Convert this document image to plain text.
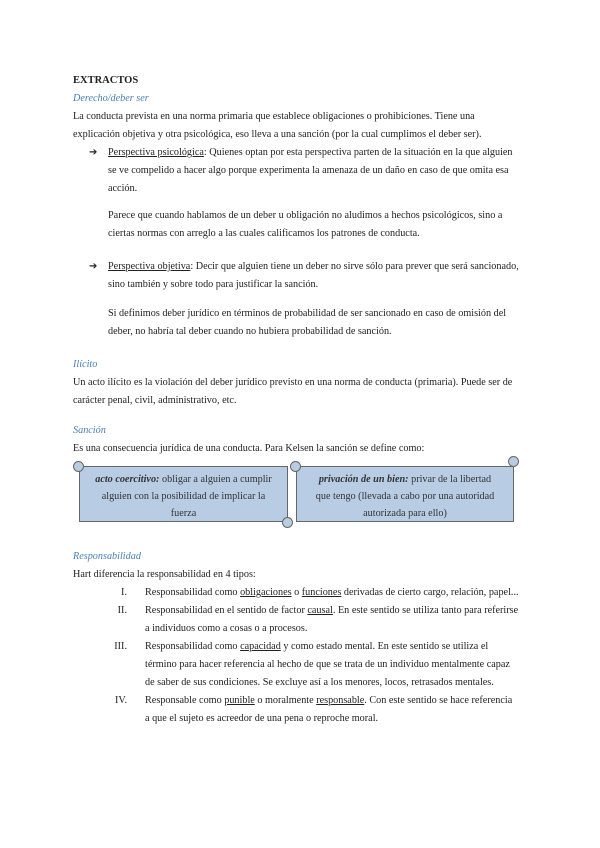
EXTRACTOS
Derecho/deber ser
La conducta prevista en una norma primaria que establece obligaciones o prohibiciones. Tiene una
explicación objetiva y otra psicológica, eso lleva a una sanción (por la cual cumplimos el deber ser).
➔ Perspectiva psicológica: Quienes optan por esta perspectiva parten de la situación en la que alguien
se ve compelido a hacer algo porque experimenta la amenaza de un daño en caso de que omita esa
acción.
Parece que cuando hablamos de un deber u obligación no aludimos a hechos psicológicos, sino a
ciertas normas con arreglo a las cuales calificamos los patrones de conducta.
➔ Perspectiva objetiva: Decir que alguien tiene un deber no sirve sólo para prever que será sancionado,
sino también y sobre todo para justificar la sanción.
Si definimos deber jurídico en términos de probabilidad de ser sancionado en caso de omisión del
deber, no habría tal deber cuando no hubiera probabilidad de sanción.
Ilícito
Un acto ilícito es la violación del deber jurídico previsto en una norma de conducta (primaria). Puede ser de
carácter penal, civil, administrativo, etc.
Sanción
Es una consecuencia jurídica de una conducta. Para Kelsen la sanción se define como:
acto coercitivo: obligar a alguien a cumplir
alguien con la posibilidad de implicar la
fuerza
privación de un bien: privar de la libertad
que tengo (llevada a cabo por una autoridad
autorizada para ello)
Responsabilidad
Hart diferencia la responsabilidad en 4 tipos:
I. Responsabilidad como obligaciones o funciones derivadas de cierto cargo, relación, papel...
II. Responsabilidad en el sentido de factor causal. En este sentido se utiliza tanto para referirse
a individuos como a cosas o a procesos.
III. Responsabilidad como capacidad y como estado mental. En este sentido se utiliza el
término para hacer referencia al hecho de que se trata de un individuo mentalmente capaz
de saber de sus condiciones. Se excluye así a los menores, locos, retrasados mentales.
IV. Responsable como punible o moralmente responsable. Con este sentido se hace referencia
a que el sujeto es acreedor de una pena o reproche moral.
